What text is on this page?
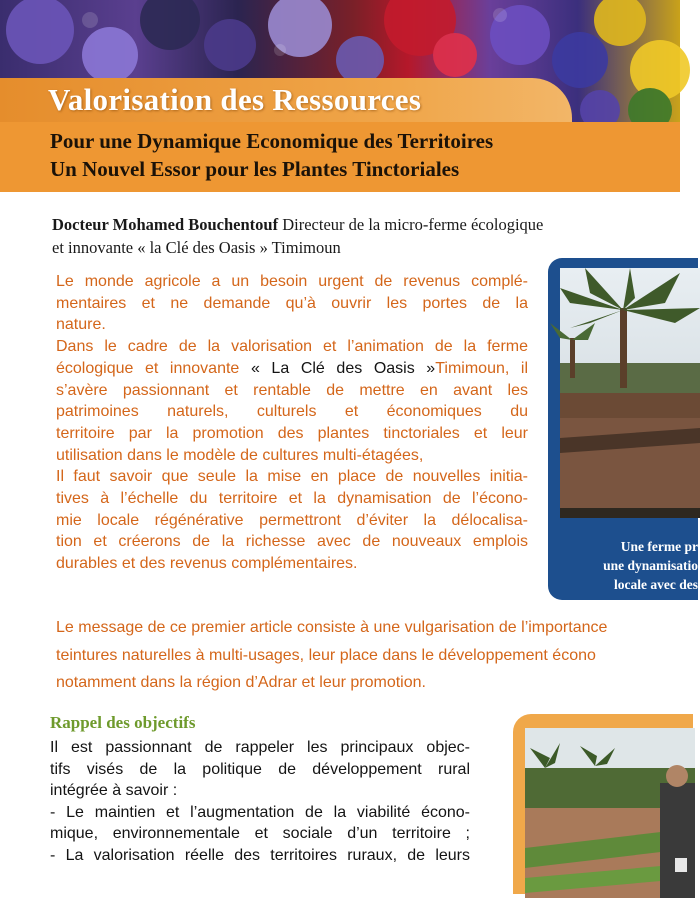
Valorisation des Ressources
Pour une Dynamique Economique des Territoires
Un Nouvel Essor pour les Plantes Tinctoriales
Docteur Mohamed Bouchentouf Directeur de la micro-ferme écologique
et innovante « la Clé des Oasis » Timimoun
Le monde agricole a un besoin urgent de revenus complé-
mentaires et ne demande qu’à ouvrir les portes de la
nature.
Dans le cadre de la valorisation et l’animation de la ferme
écologique et innovante « La Clé des Oasis »Timimoun, il
s’avère passionnant et rentable de mettre en avant les
patrimoines naturels, culturels et économiques du
territoire par la promotion des plantes tinctoriales et leur
utilisation dans le modèle de cultures multi-étagées,
Il faut savoir que seule la mise en place de nouvelles initia-
tives à l’échelle du territoire et la dynamisation de l’écono-
mie locale régénérative permettront d’éviter la délocalisa-
tion et créerons de la richesse avec de nouveaux emplois
durables et des revenus complémentaires.
Le message de ce premier article consiste à une vulgarisation de l’importance
teintures naturelles à multi-usages, leur place dans le développement écono
notamment dans la région d’Adrar et leur promotion.
Une ferme pr
une dynamisatio
locale avec des
Rappel des objectifs
Il est passionnant de rappeler les principaux objec-
tifs visés de la politique de développement rural
intégrée à savoir :
- Le maintien et l’augmentation de la viabilité écono-
mique, environnementale et sociale d’un territoire ;
- La valorisation réelle des territoires ruraux, de leurs
